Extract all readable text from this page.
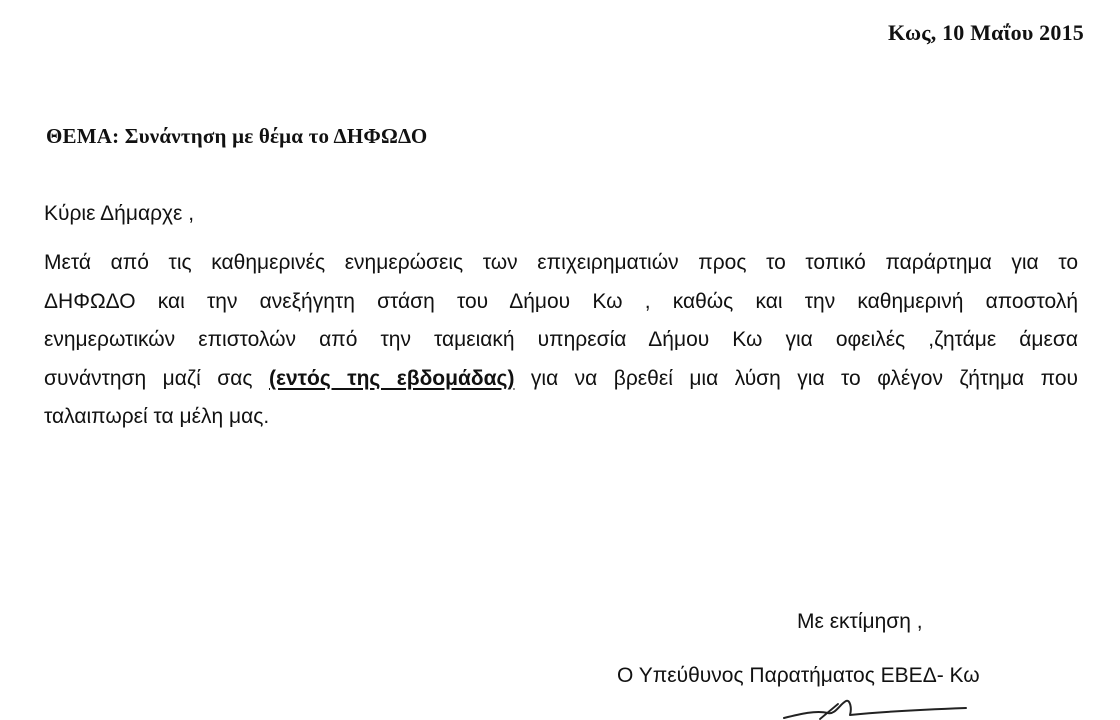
Κως, 10 Μαΐου 2015
ΘΕΜΑ: Συνάντηση με θέμα το ΔΗΦΩΔΟ
Κύριε Δήμαρχε ,
Μετά από τις καθημερινές ενημερώσεις των επιχειρηματιών προς το τοπικό παράρτημα για το
ΔΗΦΩΔΟ και την ανεξήγητη στάση του Δήμου Κω , καθώς και την καθημερινή αποστολή
ενημερωτικών επιστολών από την ταμειακή υπηρεσία Δήμου Κω για οφειλές ,ζητάμε άμεσα
συνάντηση μαζί σας (εντός της εβδομάδας) για να βρεθεί μια λύση για το φλέγον ζήτημα που
ταλαιπωρεί τα μέλη μας.
Με εκτίμηση ,
Ο Υπεύθυνος Παρατήματος ΕΒΕΔ- Κω
